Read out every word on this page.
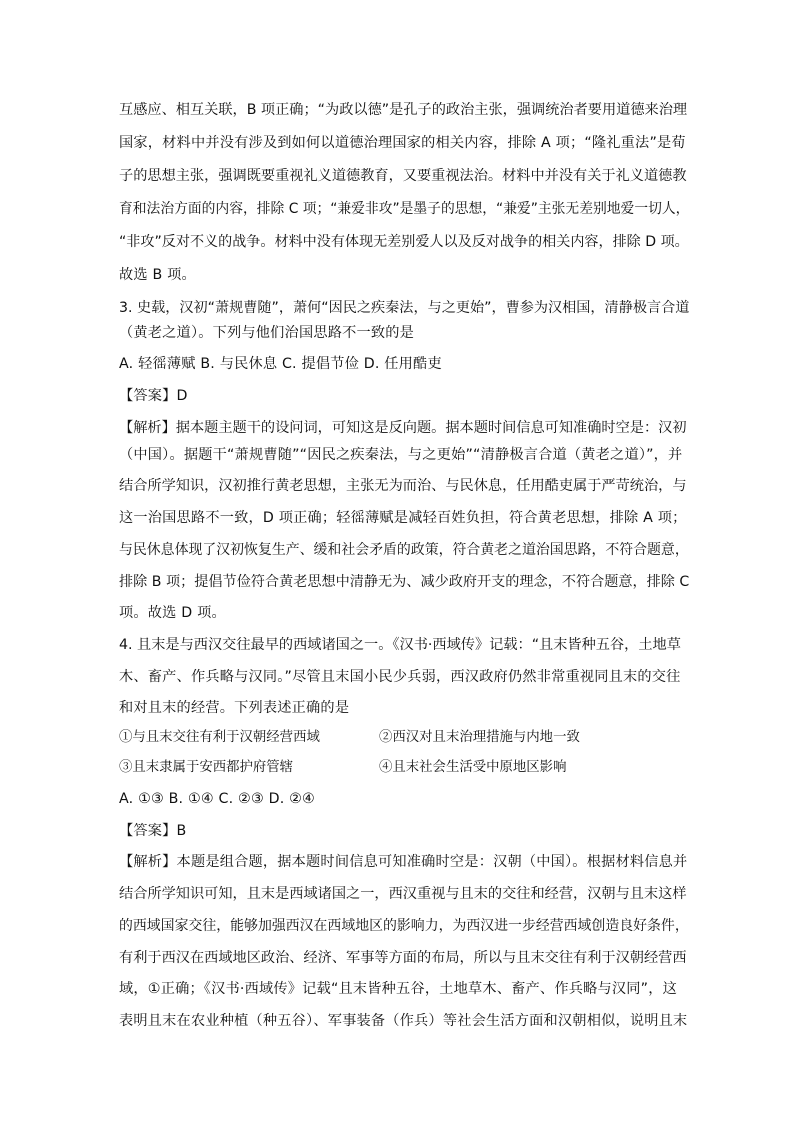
互感应、相互关联，B 项正确；“为政以德”是孔子的政治主张，强调统治者要用道德来治理
国家，材料中并没有涉及到如何以道德治理国家的相关内容，排除 A 项；“隆礼重法”是荀
子的思想主张，强调既要重视礼义道德教育，又要重视法治。材料中并没有关于礼义道德教
育和法治方面的内容，排除 C 项；“兼爱非攻”是墨子的思想，“兼爱”主张无差别地爱一切人，
“非攻”反对不义的战争。材料中没有体现无差别爱人以及反对战争的相关内容，排除 D 项。
故选 B 项。
3. 史载，汉初“萧规曹随”，萧何“因民之疾秦法，与之更始”，曹参为汉相国，清静极言合道
（黄老之道）。下列与他们治国思路不一致的是
A. 轻徭薄赋 B. 与民休息 C. 提倡节俭 D. 任用酷吏
【答案】D
【解析】据本题主题干的设问词，可知这是反向题。据本题时间信息可知准确时空是：汉初
（中国）。据题干“萧规曹随”“因民之疾秦法，与之更始”“清静极言合道（黄老之道）”，并
结合所学知识，汉初推行黄老思想，主张无为而治、与民休息，任用酷吏属于严苛统治，与
这一治国思路不一致，D 项正确；轻徭薄赋是减轻百姓负担，符合黄老思想，排除 A 项；
与民休息体现了汉初恢复生产、缓和社会矛盾的政策，符合黄老之道治国思路，不符合题意，
排除 B 项；提倡节俭符合黄老思想中清静无为、减少政府开支的理念，不符合题意，排除 C
项。故选 D 项。
4. 且末是与西汉交往最早的西域诸国之一。《汉书·西域传》记载：“且末皆种五谷，土地草
木、畜产、作兵略与汉同。”尽管且末国小民少兵弱，西汉政府仍然非常重视同且末的交往
和对且末的经营。下列表述正确的是
①与且末交往有利于汉朝经营西域	②西汉对且末治理措施与内地一致
③且末隶属于安西都护府管辖	④且末社会生活受中原地区影响
A. ①③ B. ①④ C. ②③ D. ②④
【答案】B
【解析】本题是组合题，据本题时间信息可知准确时空是：汉朝（中国）。根据材料信息并
结合所学知识可知，且末是西域诸国之一，西汉重视与且末的交往和经营，汉朝与且末这样
的西域国家交往，能够加强西汉在西域地区的影响力，为西汉进一步经营西域创造良好条件，
有利于西汉在西域地区政治、经济、军事等方面的布局，所以与且末交往有利于汉朝经营西
域，①正确；《汉书·西域传》记载“且末皆种五谷，土地草木、畜产、作兵略与汉同”，这
表明且末在农业种植（种五谷）、军事装备（作兵）等社会生活方面和汉朝相似，说明且末
